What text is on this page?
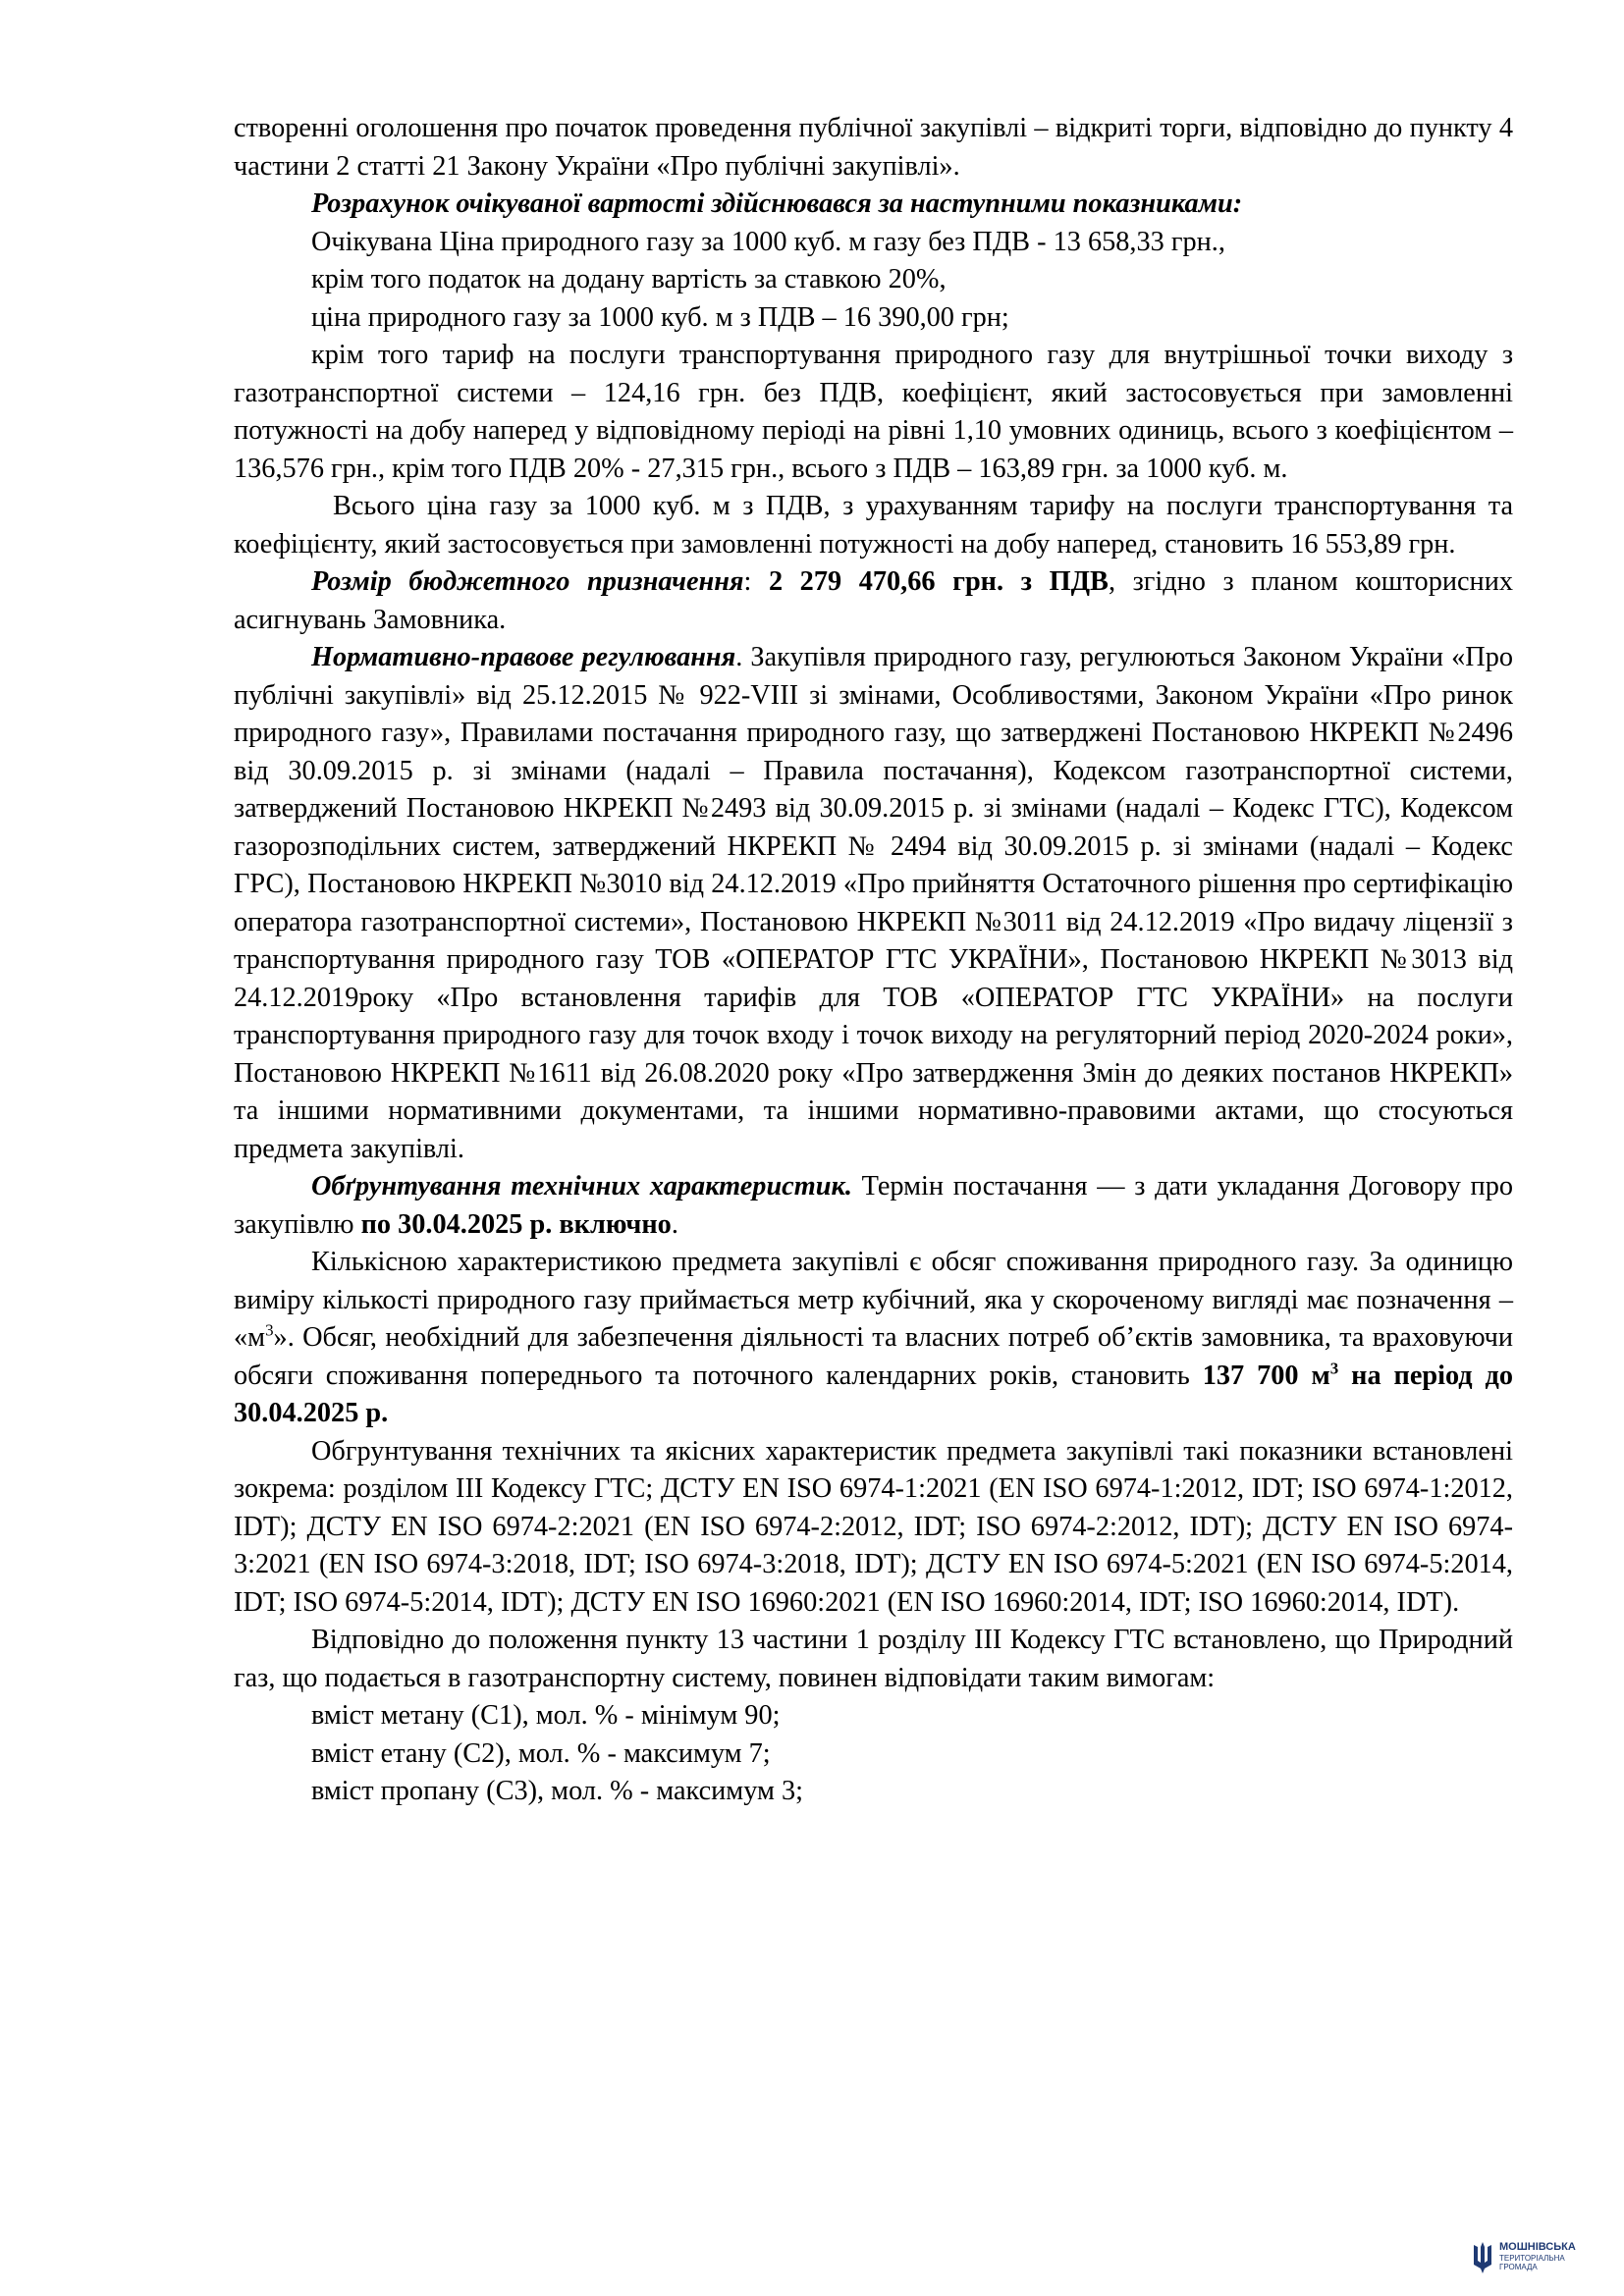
створенні оголошення про початок проведення публічної закупівлі – відкриті торги, відповідно до пункту 4 частини 2 статті 21 Закону України «Про публічні закупівлі».

Розрахунок очікуваної вартості здійснювався за наступними показниками:

Очікувана Ціна природного газу за 1000 куб. м газу без ПДВ - 13 658,33 грн.,

крім того податок на додану вартість за ставкою 20%,

ціна природного газу за 1000 куб. м з ПДВ – 16 390,00 грн;

крім того тариф на послуги транспортування природного газу для внутрішньої точки виходу з газотранспортної системи – 124,16 грн. без ПДВ, коефіцієнт, який застосовується при замовленні потужності на добу наперед у відповідному періоді на рівні 1,10 умовних одиниць, всього з коефіцієнтом – 136,576 грн., крім того ПДВ 20% - 27,315 грн., всього з ПДВ – 163,89 грн. за 1000 куб. м.

Всього ціна газу за 1000 куб. м з ПДВ, з урахуванням тарифу на послуги транспортування та коефіцієнту, який застосовується при замовленні потужності на добу наперед, становить 16 553,89 грн.

Розмір бюджетного призначення: 2 279 470,66 грн. з ПДВ, згідно з планом кошторисних асигнувань Замовника.

Нормативно-правове регулювання. Закупівля природного газу, регулюються Законом України «Про публічні закупівлі» від 25.12.2015 № 922-VIII зі змінами, Особливостями, Законом України «Про ринок природного газу», Правилами постачання природного газу, що затверджені Постановою НКРЕКП №2496 від 30.09.2015 р. зі змінами (надалі – Правила постачання), Кодексом газотранспортної системи, затверджений Постановою НКРЕКП №2493 від 30.09.2015 р. зі змінами (надалі – Кодекс ГТС), Кодексом газорозподільних систем, затверджений НКРЕКП № 2494 від 30.09.2015 р. зі змінами (надалі – Кодекс ГРС), Постановою НКРЕКП №3010 від 24.12.2019 «Про прийняття Остаточного рішення про сертифікацію оператора газотранспортної системи», Постановою НКРЕКП №3011 від 24.12.2019 «Про видачу ліцензії з транспортування природного газу ТОВ «ОПЕРАТОР ГТС УКРАЇНИ», Постановою НКРЕКП №3013 від 24.12.2019року «Про встановлення тарифів для ТОВ «ОПЕРАТОР ГТС УКРАЇНИ» на послуги транспортування природного газу для точок входу і точок виходу на регуляторний період 2020-2024 роки», Постановою НКРЕКП №1611 від 26.08.2020 року «Про затвердження Змін до деяких постанов НКРЕКП» та іншими нормативними документами, та іншими нормативно-правовими актами, що стосуються предмета закупівлі.

Обґрунтування технічних характеристик. Термін постачання — з дати укладання Договору про закупівлю по 30.04.2025 р. включно.

Кількісною характеристикою предмета закупівлі є обсяг споживання природного газу. За одиницю виміру кількості природного газу приймається метр кубічний, яка у скороченому вигляді має позначення – «$м^3$». Обсяг, необхідний для забезпечення діяльності та власних потреб об’єктів замовника, та враховуючи обсяги споживання попереднього та поточного календарних років, становить 137 700 $м^3$ на період до 30.04.2025 р.

Обгрунтування технічних та якісних характеристик предмета закупівлі такі показники встановлені зокрема: розділом III Кодексу ГТС; ДСТУ EN ISO 6974-1:2021 (EN ISO 6974-1:2012, IDT; ISO 6974-1:2012, IDT); ДСТУ EN ISO 6974-2:2021 (EN ISO 6974-2:2012, IDT; ISO 6974-2:2012, IDT); ДСТУ EN ISO 6974-3:2021 (EN ISO 6974-3:2018, IDT; ISO 6974-3:2018, IDT); ДСТУ EN ISO 6974-5:2021 (EN ISO 6974-5:2014, IDT; ISO 6974-5:2014, IDT); ДСТУ EN ISO 16960:2021 (EN ISO 16960:2014, IDT; ISO 16960:2014, IDT).

Відповідно до положення пункту 13 частини 1 розділу III Кодексу ГТС встановлено, що Природний газ, що подається в газотранспортну систему, повинен відповідати таким вимогам:

вміст метану (С1), мол. % - мінімум 90;

вміст етану (С2), мол. % - максимум 7;

вміст пропану (С3), мол. % - максимум 3;

МОШНІВСЬКА
ТЕРИТОРІАЛЬНА
ГРОМАДА
